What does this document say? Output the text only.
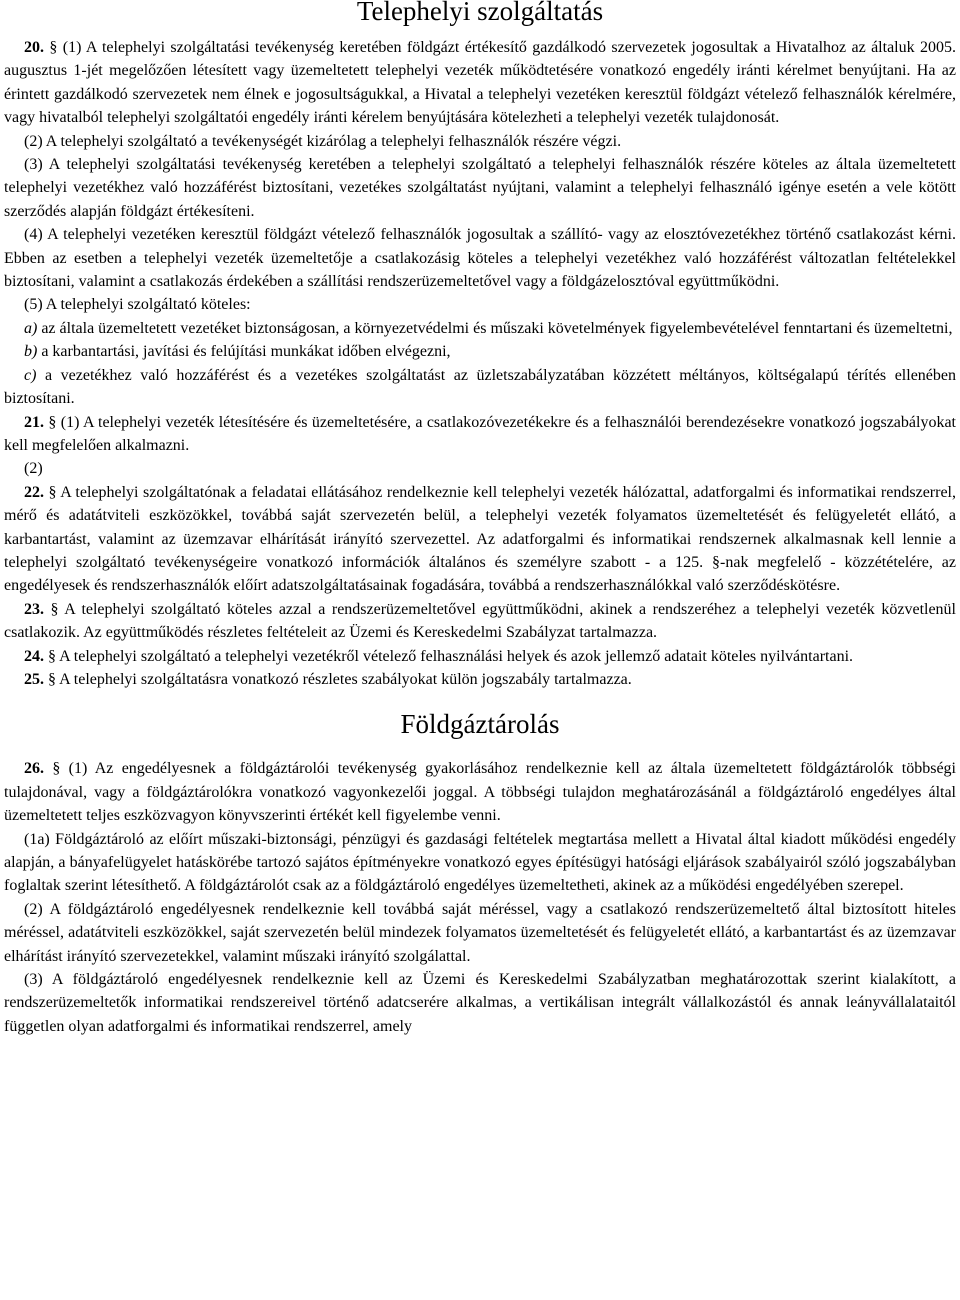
Telephelyi szolgáltatás

20. § (1) A telephelyi szolgáltatási tevékenység keretében földgázt értékesítő gazdálkodó szervezetek jogosultak a Hivatalhoz az általuk 2005. augusztus 1-jét megelőzően létesített vagy üzemeltetett telephelyi vezeték működtetésére vonatkozó engedély iránti kérelmet benyújtani. Ha az érintett gazdálkodó szervezetek nem élnek e jogosultságukkal, a Hivatal a telephelyi vezetéken keresztül földgázt vételező felhasználók kérelmére, vagy hivatalból telephelyi szolgáltatói engedély iránti kérelem benyújtására kötelezheti a telephelyi vezeték tulajdonosát.

(2) A telephelyi szolgáltató a tevékenységét kizárólag a telephelyi felhasználók részére végzi.

(3) A telephelyi szolgáltatási tevékenység keretében a telephelyi szolgáltató a telephelyi felhasználók részére köteles az általa üzemeltetett telephelyi vezetékhez való hozzáférést biztosítani, vezetékes szolgáltatást nyújtani, valamint a telephelyi felhasználó igénye esetén a vele kötött szerződés alapján földgázt értékesíteni.

(4) A telephelyi vezetéken keresztül földgázt vételező felhasználók jogosultak a szállító- vagy az elosztóvezetékhez történő csatlakozást kérni. Ebben az esetben a telephelyi vezeték üzemeltetője a csatlakozásig köteles a telephelyi vezetékhez való hozzáférést változatlan feltételekkel biztosítani, valamint a csatlakozás érdekében a szállítási rendszerüzemeltetővel vagy a földgázelosztóval együttműködni.

(5) A telephelyi szolgáltató köteles:

a) az általa üzemeltetett vezetéket biztonságosan, a környezetvédelmi és műszaki követelmények figyelembevételével fenntartani és üzemeltetni,

b) a karbantartási, javítási és felújítási munkákat időben elvégezni,

c) a vezetékhez való hozzáférést és a vezetékes szolgáltatást az üzletszabályzatában közzétett méltányos, költségalapú térítés ellenében biztosítani.

21. § (1) A telephelyi vezeték létesítésére és üzemeltetésére, a csatlakozóvezetékekre és a felhasználói berendezésekre vonatkozó jogszabályokat kell megfelelően alkalmazni.

(2)

22. § A telephelyi szolgáltatónak a feladatai ellátásához rendelkeznie kell telephelyi vezeték hálózattal, adatforgalmi és informatikai rendszerrel, mérő és adatátviteli eszközökkel, továbbá saját szervezetén belül, a telephelyi vezeték folyamatos üzemeltetését és felügyeletét ellátó, a karbantartást, valamint az üzemzavar elhárítását irányító szervezettel. Az adatforgalmi és informatikai rendszernek alkalmasnak kell lennie a telephelyi szolgáltató tevékenységeire vonatkozó információk általános és személyre szabott - a 125. §-nak megfelelő - közzétételére, az engedélyesek és rendszerhasználók előírt adatszolgáltatásainak fogadására, továbbá a rendszerhasználókkal való szerződéskötésre.

23. § A telephelyi szolgáltató köteles azzal a rendszerüzemeltetővel együttműködni, akinek a rendszeréhez a telephelyi vezeték közvetlenül csatlakozik. Az együttműködés részletes feltételeit az Üzemi és Kereskedelmi Szabályzat tartalmazza.

24. § A telephelyi szolgáltató a telephelyi vezetékről vételező felhasználási helyek és azok jellemző adatait köteles nyilvántartani.

25. § A telephelyi szolgáltatásra vonatkozó részletes szabályokat külön jogszabály tartalmazza.

Földgáztárolás

26. § (1) Az engedélyesnek a földgáztárolói tevékenység gyakorlásához rendelkeznie kell az általa üzemeltetett földgáztárolók többségi tulajdonával, vagy a földgáztárolókra vonatkozó vagyonkezelői joggal. A többségi tulajdon meghatározásánál a földgáztároló engedélyes által üzemeltetett teljes eszközvagyon könyvszerinti értékét kell figyelembe venni.

(1a) Földgáztároló az előírt műszaki-biztonsági, pénzügyi és gazdasági feltételek megtartása mellett a Hivatal által kiadott működési engedély alapján, a bányafelügyelet hatáskörébe tartozó sajátos építményekre vonatkozó egyes építésügyi hatósági eljárások szabályairól szóló jogszabályban foglaltak szerint létesíthető. A földgáztárolót csak az a földgáztároló engedélyes üzemeltetheti, akinek az a működési engedélyében szerepel.

(2) A földgáztároló engedélyesnek rendelkeznie kell továbbá saját méréssel, vagy a csatlakozó rendszerüzemeltető által biztosított hiteles méréssel, adatátviteli eszközökkel, saját szervezetén belül mindezek folyamatos üzemeltetését és felügyeletét ellátó, a karbantartást és az üzemzavar elhárítást irányító szervezetekkel, valamint műszaki irányító szolgálattal.

(3) A földgáztároló engedélyesnek rendelkeznie kell az Üzemi és Kereskedelmi Szabályzatban meghatározottak szerint kialakított, a rendszerüzemeltetők informatikai rendszereivel történő adatcserére alkalmas, a vertikálisan integrált vállalkozástól és annak leányvállalataitól független olyan adatforgalmi és informatikai rendszerrel, amely
